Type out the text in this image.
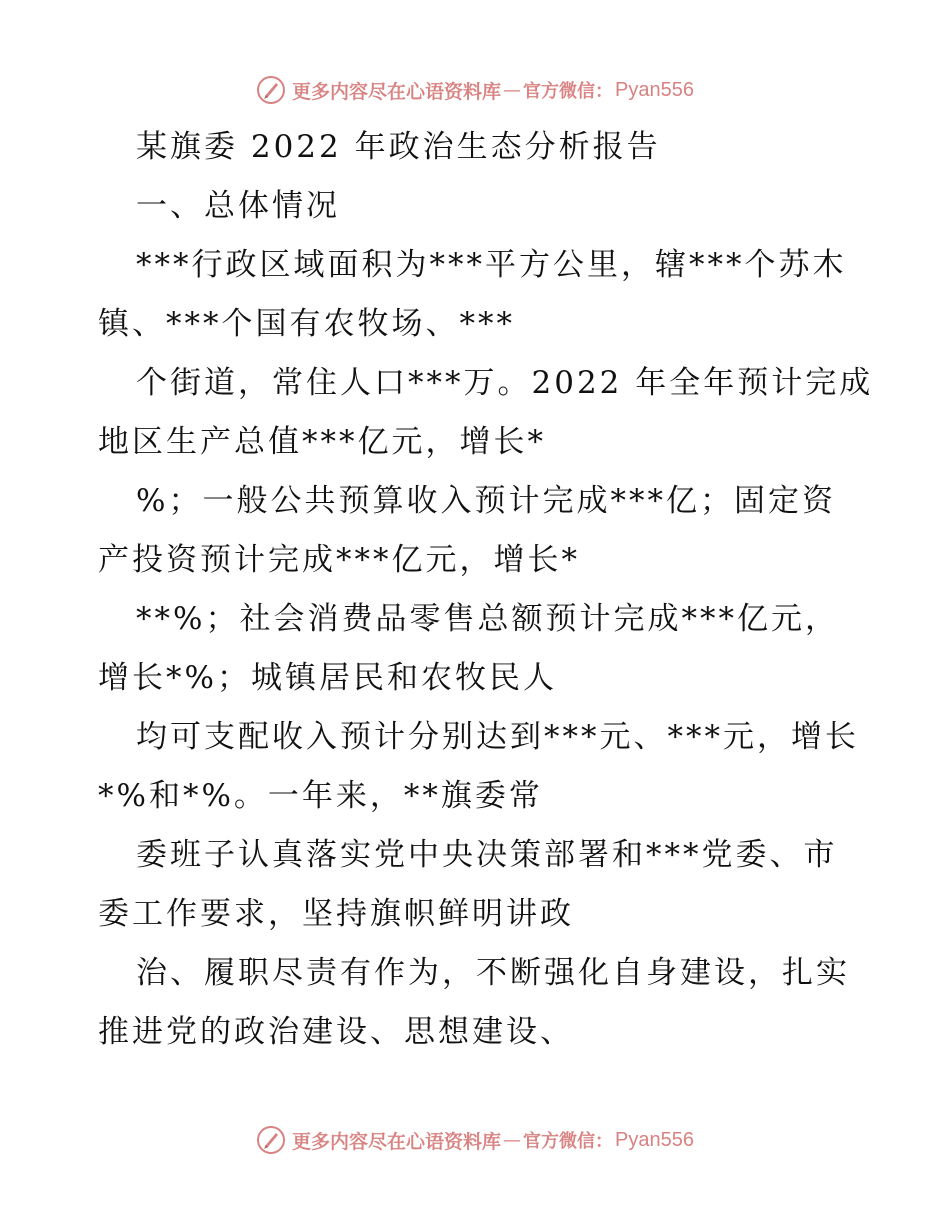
更多内容尽在心语资料库 — 官方微信： Pyan556
某旗委 2022 年政治生态分析报告
一、总体情况
***行政区域面积为***平方公里，辖***个苏木
镇、***个国有农牧场、***
个街道，常住人口***万。2022 年全年预计完成
地区生产总值***亿元，增长*
%；一般公共预算收入预计完成***亿；固定资
产投资预计完成***亿元，增长*
**%；社会消费品零售总额预计完成***亿元，
增长*%；城镇居民和农牧民人
均可支配收入预计分别达到***元、***元，增长
*%和*%。一年来，**旗委常
委班子认真落实党中央决策部署和***党委、市
委工作要求，坚持旗帜鲜明讲政
治、履职尽责有作为，不断强化自身建设，扎实
推进党的政治建设、思想建设、
更多内容尽在心语资料库 — 官方微信： Pyan556
